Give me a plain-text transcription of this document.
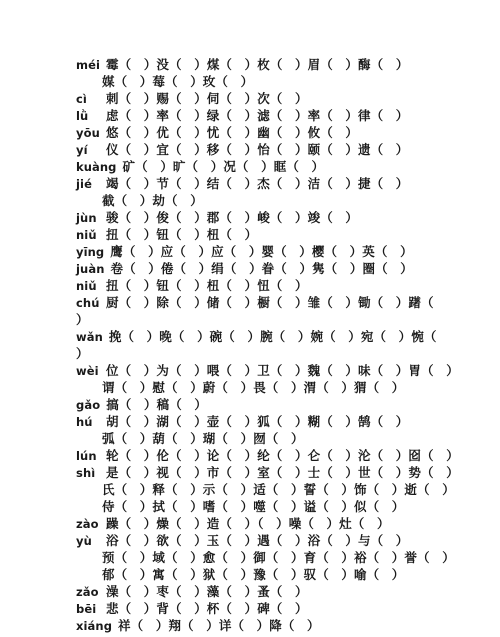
méi 霉（　）没（　）煤（　）枚（　）眉（　）酶（　）
媒（　）莓（　）玫（　）
cì 刺（　）赐（　）伺（　）次（　）
lǜ 虑（　）率（　）绿（　）滤（　）率（　）律（　）
yōu 悠（　）优（　）忧（　）幽（　）攸（　）
yí 仪（　）宜（　）移（　）怡（　）颐（　）遗（　）
kuàng 矿（　）旷（　）况（　）眶（　）
jié 竭（　）节（　）结（　）杰（　）洁（　）捷（　）
截（　）劫（　）
jùn 骏（　）俊（　）郡（　）峻（　）竣（　）
niǔ 扭（　）钮（　）杻（　）
yīng 鹰（　）应（　）应（　）婴（　）樱（　）英（　）
juàn 卷（　）倦（　）绢（　）眷（　）隽（　）圈（　）
niǔ 扭（　）钮（　）杻（　）忸（　）
chú 厨（　）除（　）储（　）橱（　）雏（　）锄（　）躇（
）
wǎn 挽（　）晚（　）碗（　）腕（　）婉（　）宛（　）惋（
）
wèi 位（　）为（　）喂（　）卫（　）魏（　）味（　）胃（　）
谓（　）慰（　）蔚（　）畏（　）渭（　）猬（　）
gǎo 搞（　）稿（　）
hú 胡（　）湖（　）壶（　）狐（　）糊（　）鹄（　）
弧（　）葫（　）瑚（　）囫（　）
lún 轮（　）伦（　）论（　）纶（　）仑（　）沦（　）囵（　）
shì 是（　）视（　）市（　）室（　）士（　）世（　）势（　）
氏（　）释（　）示（　）适（　）誓（　）饰（　）逝（　）
侍（　）拭（　）嗜（　）噬（　）谥（　）似（　）
zào 躁（　）燥（　）造（　）（　）噪（　）灶（　）
yù 浴（　）欲（　）玉（　）遇（　）浴（　）与（　）
预（　）域（　）愈（　）御（　）育（　）裕（　）誉（　）
郁（　）寓（　）狱（　）豫（　）驭（　）喻（　）
zǎo 澡（　）枣（　）藻（　）蚤（　）
bēi 悲（　）背（　）杯（　）碑（　）
xiáng 祥（　）翔（　）详（　）降（　）
